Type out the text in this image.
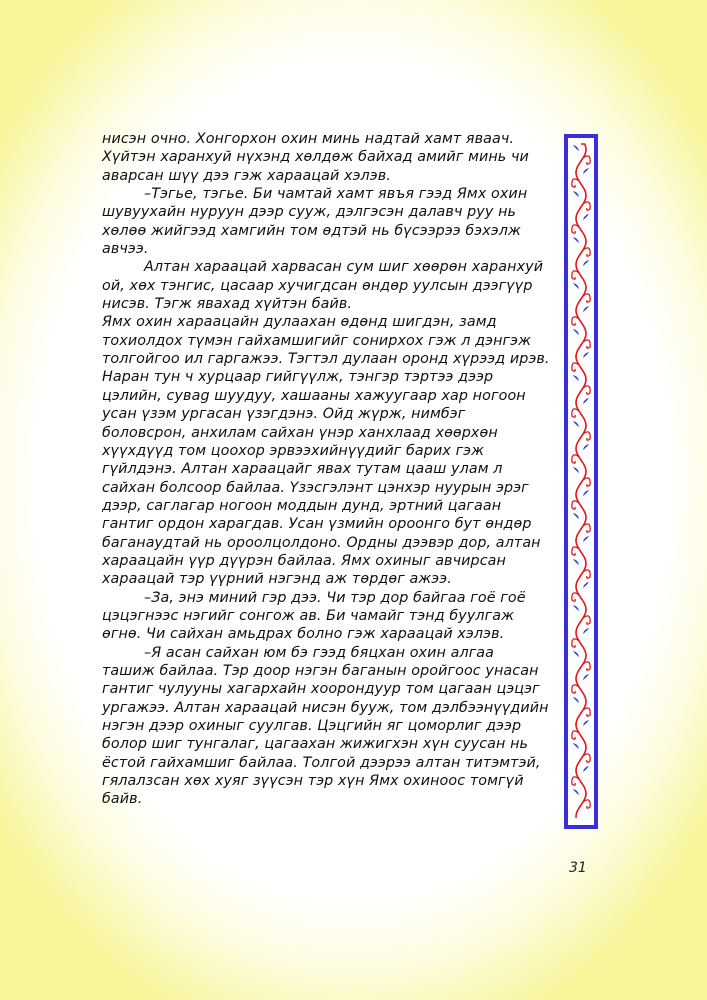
нисэн очно. Хонгорхон охин минь надтай хамт яваач. Хүйтэн харанхуй нүхэнд хөлдөж байхад амийг минь чи аварсан шүү дээ гэж хараацай хэлэв.

–Тэгье, тэгье. Би чамтай хамт явъя гээд Ямх охин шувуухайн нуруун дээр сууж, дэлгэсэн далавч руу нь хөлөө жийгээд хамгийн том өдтэй нь бүсээрээ бэхэлж авчээ.

Алтан хараацай харвасан сум шиг хөөрөн харанхуй ой, хөх тэнгис, цасаар хучигдсан өндөр уулсын дээгүүр нисэв. Тэгж явахад хүйтэн байв.

Ямх охин хараацайн дулаахан өдөнд шигдэн, замд тохиолдох түмэн гайхамшигийг сонирхох гэж л дэнгэж толгойгоо ил гаргажээ. Тэгтэл дулаан оронд хүрээд ирэв. Наран тун ч хурцаар гийгүүлж, тэнгэр тэртээ дээр цэлийн, сувag шуудуу, хашааны хажуугаар хар ногоон усан үзэм ургасан үзэгдэнэ. Ойд жүрж, нимбэг боловсрон, анхилам сайхан үнэр ханхлаад хөөрхөн хүүхдүүд том цоохор эрвээхийнүүдийг барих гэж гүйлдэнэ. Алтан хараацайг явах тутам цааш улам л сайхан болсоор байлаа. Үзэсгэлэнт цэнхэр нуурын эрэг дээр, саглагар ногоон моддын дунд, эртний цагаан гантиг ордон харагдав. Усан үзмийн ороонго бут өндөр баганаудтай нь ороолцолдоно. Ордны дээвэр дор, алтан хараацайн үүр дүүрэн байлаа. Ямх охиныг авчирсан хараацай тэр үүрний нэгэнд аж төрдөг ажээ.

–За, энэ миний гэр дээ. Чи тэр дор байгаа гоё гоё цэцэгнээс нэгийг сонгож ав. Би чамайг тэнд буулгаж өгнө. Чи сайхан амьдрах болно гэж хараацай хэлэв.

–Я асан сайхан юм бэ гээд бяцхан охин алгаа ташиж байлаа. Тэр доор нэгэн баганын оройгоос унасан гантиг чулууны хагархайн хоорондуур том цагаан цэцэг ургажээ. Алтан хараацай нисэн бууж, том дэлбээнүүдийн нэгэн дээр охиныг суулгав. Цэцгийн яг цоморлиг дээр болор шиг тунгалаг, цагаахан жижигхэн хүн суусан нь ёстой гайхамшиг байлаа. Толгой дээрээ алтан титэмтэй, гялалзсан хөх хуяг зүүсэн тэр хүн Ямх охиноос томгүй байв.

31
